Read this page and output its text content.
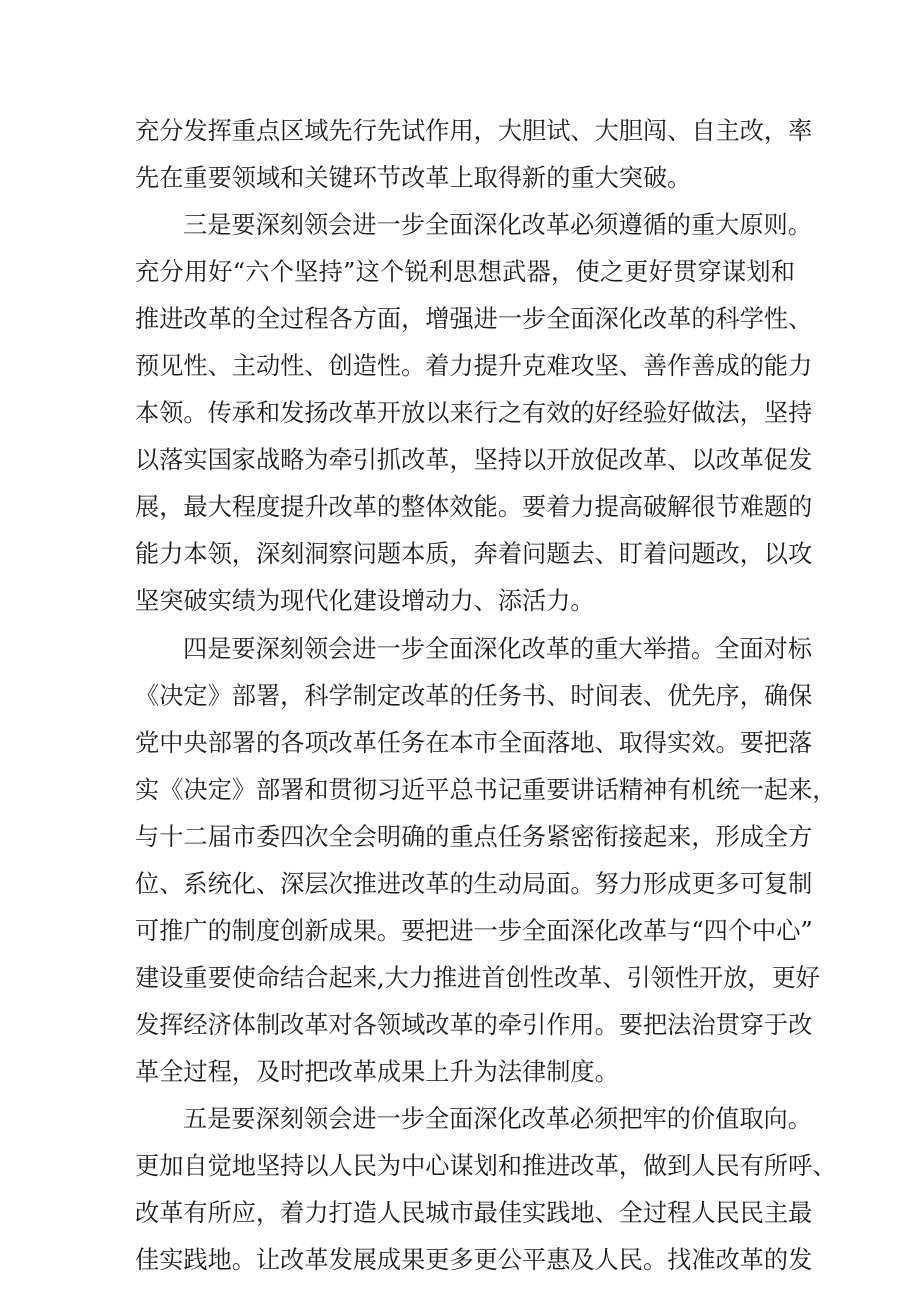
充分发挥重点区域先行先试作用，大胆试、大胆闯、自主改，率
先在重要领域和关键环节改革上取得新的重大突破。
三是要深刻领会进一步全面深化改革必须遵循的重大原则。
充分用好“六个坚持”这个锐利思想武器，使之更好贯穿谋划和
推进改革的全过程各方面，增强进一步全面深化改革的科学性、
预见性、主动性、创造性。着力提升克难攻坚、善作善成的能力
本领。传承和发扬改革开放以来行之有效的好经验好做法，坚持
以落实国家战略为牵引抓改革，坚持以开放促改革、以改革促发
展，最大程度提升改革的整体效能。要着力提高破解很节难题的
能力本领，深刻洞察问题本质，奔着问题去、盯着问题改，以攻
坚突破实绩为现代化建设增动力、添活力。
四是要深刻领会进一步全面深化改革的重大举措。全面对标
《决定》部署，科学制定改革的任务书、时间表、优先序，确保
党中央部署的各项改革任务在本市全面落地、取得实效。要把落
实《决定》部署和贯彻习近平总书记重要讲话精神有机统一起来，
与十二届市委四次全会明确的重点任务紧密衔接起来，形成全方
位、系统化、深层次推进改革的生动局面。努力形成更多可复制
可推广的制度创新成果。要把进一步全面深化改革与“四个中心”
建设重要使命结合起来,大力推进首创性改革、引领性开放，更好
发挥经济体制改革对各领域改革的牵引作用。要把法治贯穿于改
革全过程，及时把改革成果上升为法律制度。
五是要深刻领会进一步全面深化改革必须把牢的价值取向。
更加自觉地坚持以人民为中心谋划和推进改革，做到人民有所呼、
改革有所应，着力打造人民城市最佳实践地、全过程人民民主最
佳实践地。让改革发展成果更多更公平惠及人民。找准改革的发
